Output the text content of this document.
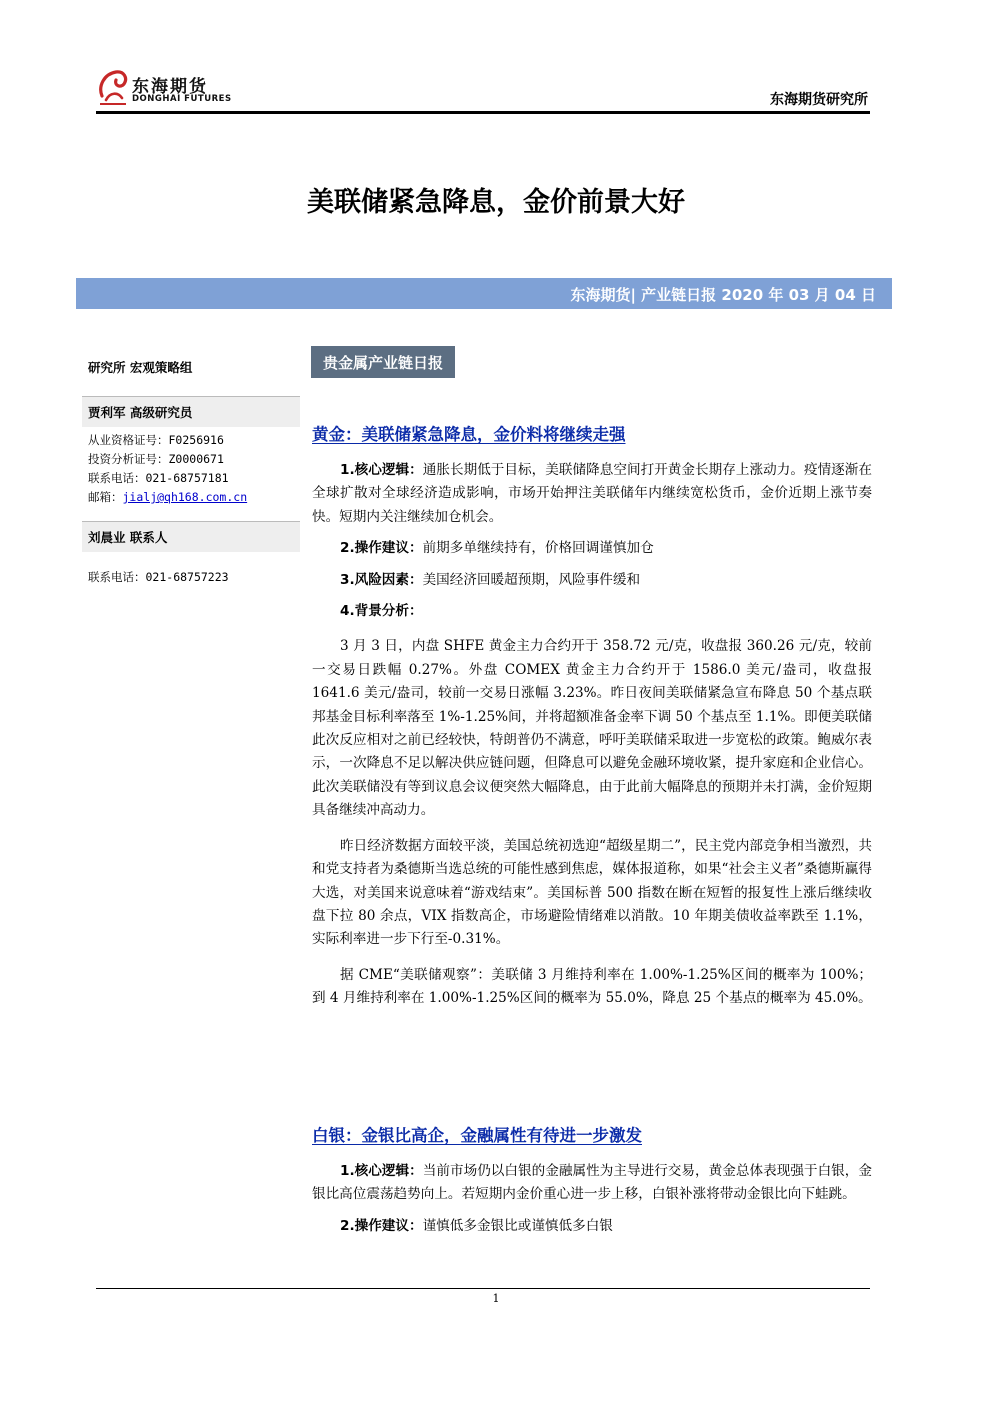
东海期货
DONGHAI FUTURES	东海期货研究所
美联储紧急降息，金价前景大好
东海期货| 产业链日报 2020 年 03 月 04 日
研究所 宏观策略组
贾利军 高级研究员
从业资格证号：F0256916
投资分析证号：Z0000671
联系电话：021-68757181
邮箱：jialj@qh168.com.cn
刘晨业 联系人
联系电话：021-68757223
贵金属产业链日报
黄金：美联储紧急降息，金价料将继续走强

1.核心逻辑：通胀长期低于目标，美联储降息空间打开黄金长期存上涨动力。疫情逐渐在全球扩散对全球经济造成影响，市场开始押注美联储年内继续宽松货币，金价近期上涨节奏快。短期内关注继续加仓机会。

2.操作建议：前期多单继续持有，价格回调谨慎加仓

3.风险因素：美国经济回暖超预期，风险事件缓和

4.背景分析：

3 月 3 日，内盘 SHFE 黄金主力合约开于 358.72 元/克，收盘报 360.26 元/克，较前一交易日跌幅 0.27%。外盘 COMEX 黄金主力合约开于 1586.0 美元/盎司，收盘报 1641.6 美元/盎司，较前一交易日涨幅 3.23%。昨日夜间美联储紧急宣布降息 50 个基点联邦基金目标利率落至 1%-1.25%间，并将超额准备金率下调 50 个基点至 1.1%。即便美联储此次反应相对之前已经较快，特朗普仍不满意，呼吁美联储采取进一步宽松的政策。鲍威尔表示，一次降息不足以解决供应链问题，但降息可以避免金融环境收紧，提升家庭和企业信心。此次美联储没有等到议息会议便突然大幅降息，由于此前大幅降息的预期并未打满，金价短期具备继续冲高动力。

昨日经济数据方面较平淡，美国总统初选迎“超级星期二”，民主党内部竞争相当激烈，共和党支持者为桑德斯当选总统的可能性感到焦虑，媒体报道称，如果“社会主义者”桑德斯赢得大选，对美国来说意味着“游戏结束”。美国标普 500 指数在断在短暂的报复性上涨后继续收盘下拉 80 余点，VIX 指数高企，市场避险情绪难以消散。10 年期美债收益率跌至 1.1%，实际利率进一步下行至-0.31%。

据 CME“美联储观察”：美联储 3 月维持利率在 1.00%-1.25%区间的概率为 100%；到 4 月维持利率在 1.00%-1.25%区间的概率为 55.0%，降息 25 个基点的概率为 45.0%。

白银：金银比高企，金融属性有待进一步激发

1.核心逻辑：当前市场仍以白银的金融属性为主导进行交易，黄金总体表现强于白银，金银比高位震荡趋势向上。若短期内金价重心进一步上移，白银补涨将带动金银比向下蛙跳。

2.操作建议：谨慎低多金银比或谨慎低多白银

1
